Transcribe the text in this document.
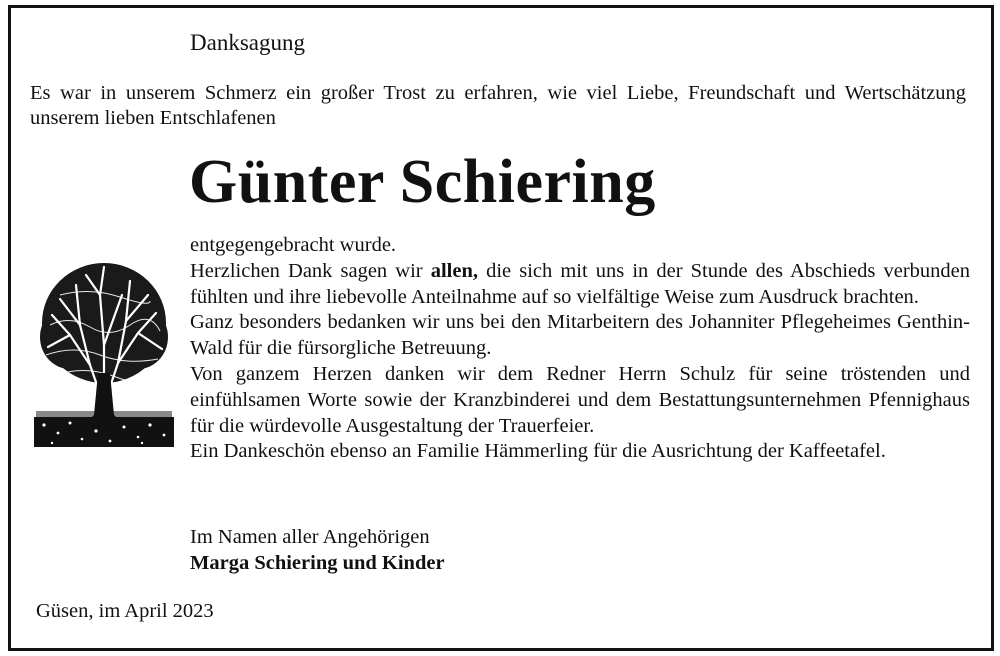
Danksagung
Es war in unserem Schmerz ein großer Trost zu erfahren, wie viel Liebe, Freundschaft und Wertschätzung unserem lieben Entschlafenen
Günter Schiering

entgegengebracht wurde.

Herzlichen Dank sagen wir allen, die sich mit uns in der Stunde des Abschieds verbunden fühlten und ihre liebevolle Anteilnahme auf so vielfältige Weise zum Ausdruck brachten.

Ganz besonders bedanken wir uns bei den Mitarbeitern des Johanniter Pflegeheimes Genthin-Wald für die fürsorgliche Betreuung.

Von ganzem Herzen danken wir dem Redner Herrn Schulz für seine tröstenden und einfühlsamen Worte sowie der Kranzbinderei und dem Bestattungsunternehmen Pfennighaus für die würdevolle Ausgestaltung der Trauerfeier.

Ein Dankeschön ebenso an Familie Hämmerling für die Ausrichtung der Kaffeetafel.

Im Namen aller Angehörigen
Marga Schiering und Kinder
Güsen, im April 2023
